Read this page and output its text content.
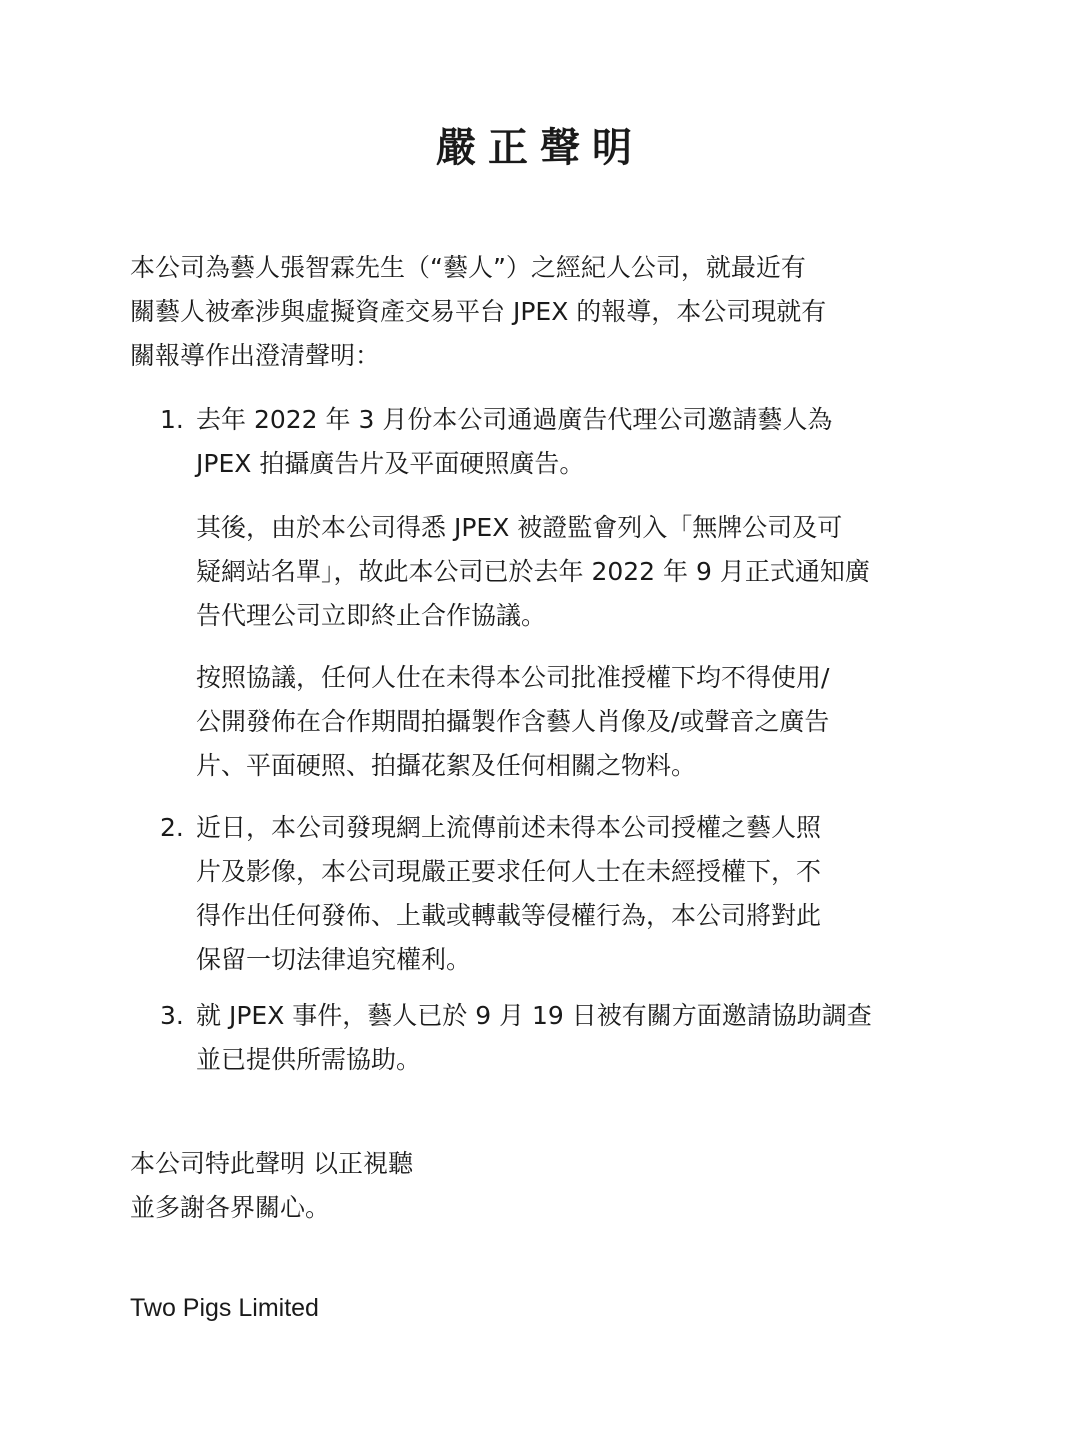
嚴正聲明

本公司為藝人張智霖先生（“藝人”）之經紀人公司，就最近有
關藝人被牽涉與虛擬資產交易平台 JPEX 的報導，本公司現就有
關報導作出澄清聲明：

1. 去年 2022 年 3 月份本公司通過廣告代理公司邀請藝人為
JPEX 拍攝廣告片及平面硬照廣告。
其後，由於本公司得悉 JPEX 被證監會列入「無牌公司及可
疑網站名單」，故此本公司已於去年 2022 年 9 月正式通知廣
告代理公司立即終止合作協議。
按照協議，任何人仕在未得本公司批准授權下均不得使用/
公開發佈在合作期間拍攝製作含藝人肖像及/或聲音之廣告
片、平面硬照、拍攝花絮及任何相關之物料。
2. 近日，本公司發現網上流傳前述未得本公司授權之藝人照
片及影像，本公司現嚴正要求任何人士在未經授權下，不
得作出任何發佈、上載或轉載等侵權行為，本公司將對此
保留一切法律追究權利。
3. 就 JPEX 事件，藝人已於 9 月 19 日被有關方面邀請協助調查
並已提供所需協助。
本公司特此聲明 以正視聽
並多謝各界關心。
Two Pigs Limited
